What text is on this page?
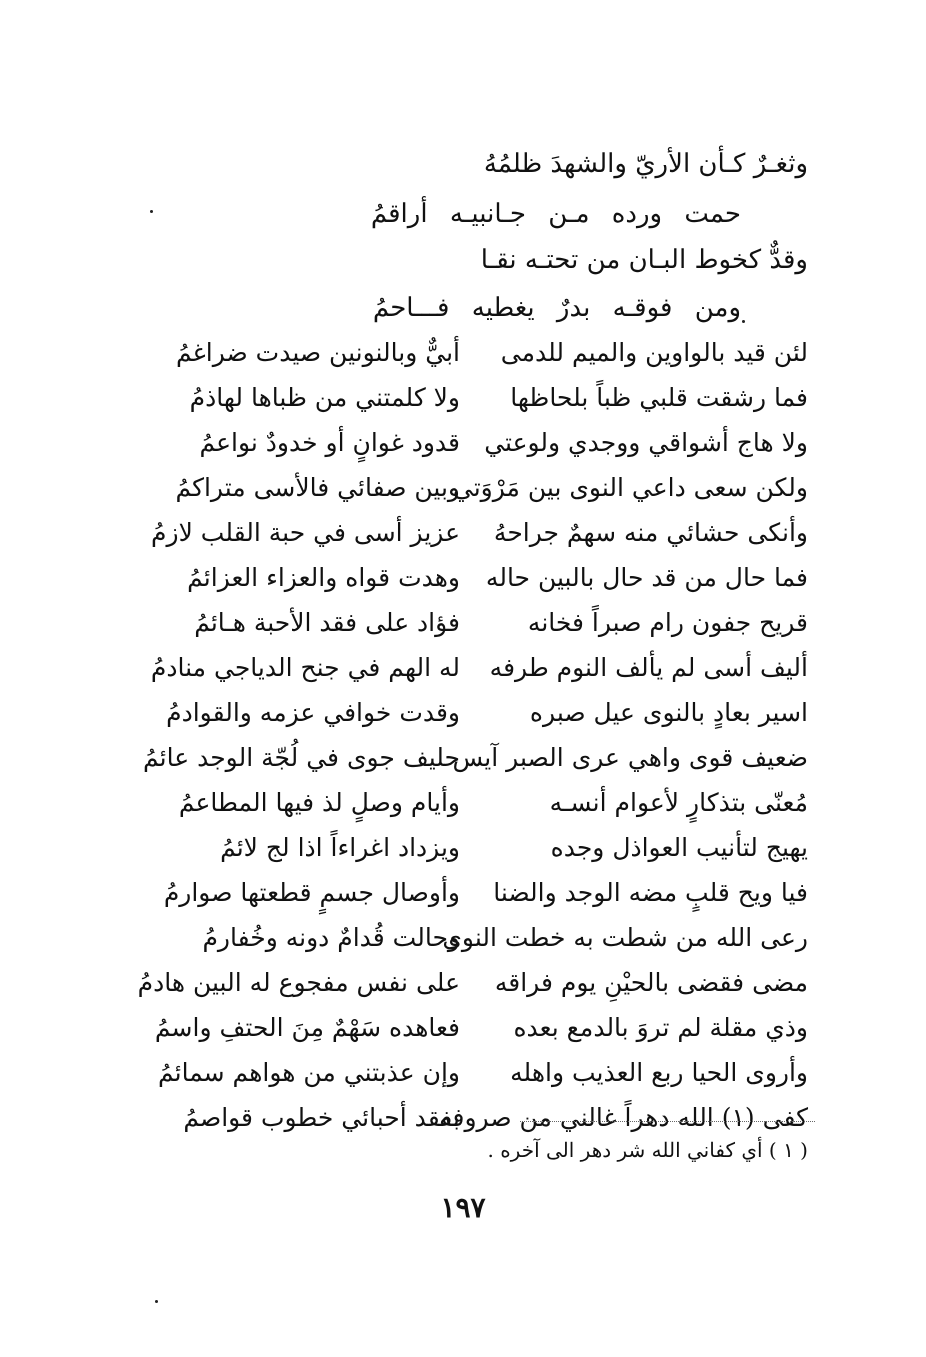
وثغـرٌ كـأن الأريّ والشهدَ ظلمُهُ
حمت ورده مـن جـانبيـه أراقمُ
وقدٌّ كخوط البـان من تحتـه نقـا
ومن فوقـه بدرٌ يغطيه فـــاحمُ
لئن قيد بالواوين والميم للدمى
فما رشقت قلبي ظباً بلحاظها
ولا هاج أشواقي ووجدي ولوعتي
ولكن سعى داعي النوى بين مَرْوَتي
وأنكى حشائي منه سهمٌ جراحهُ
فما حال من قد حال بالبين حاله
قريح جفون رام صبراً فخانه
أليف أسى لم يألف النوم طرفه
اسير بعادٍ بالنوى عيل صبره
ضعيف قوى واهي عرى الصبر آيس
مُعنّى بتذكارٍ لأعوام أنسـه
يهيج لتأنيب العواذل وجده
فيا ويح قلبٍ مضه الوجد والضنا
رعى الله من شطت به خطت النوى
مضى فقضى بالحيْنِ يوم فراقه
وذي مقلة لم تروَ بالدمع بعده
وأروى الحيا ربع العذيب واهله
كفى (١) الله دهراً غالني من صروفه
أبيٌّ وبالنونين صيدت ضراغمُ
ولا كلمتني من ظباها لهاذمُ
قدود غوانٍ أو خدودٌ نواعمُ
وبين صفائي فالأسى متراكمُ
عزيز أسى في حبة القلب لازمُ
وهدت قواه والعزاء العزائمُ
فؤاد على فقد الأحبة هـائمُ
له الهم في جنح الدياجي منادمُ
وقدت خوافي عزمه والقوادمُ
حليف جوى في لُجّة الوجد عائمُ
وأيام وصلٍ لذ فيها المطاعمُ
ويزداد اغراءاً اذا لج لائمُ
وأوصال جسمٍ قطعتها صوارمُ
وحالت قُدامٌ دونه وخُفارمُ
على نفس مفجوع له البين هادمُ
فعاهده سَهْمٌ مِنَ الحتفِ واسمُ
وإن عذبتني من هواهم سمائمُ
بفقد أحبائي خطوب قواصمُ
( ١ ) أي كفاني الله شر دهر الى آخره .
١٩٧
